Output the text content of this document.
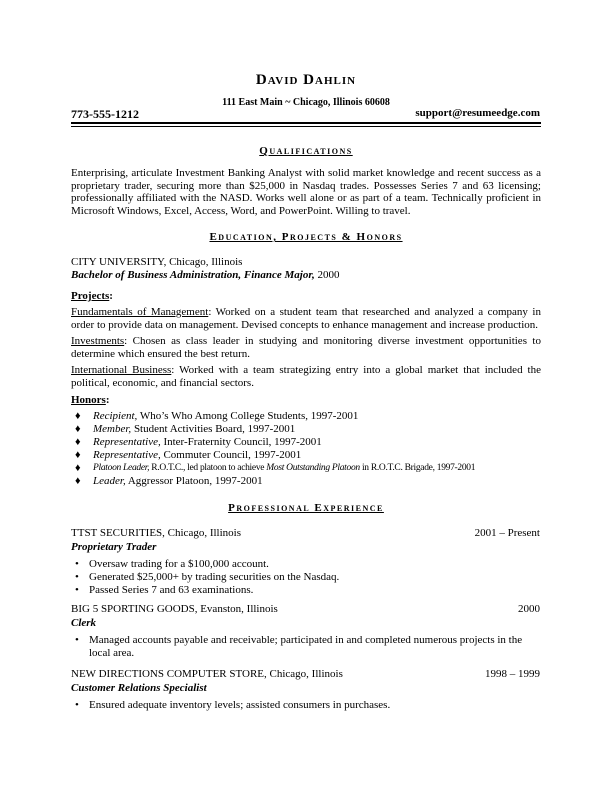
David Dahlin
111 East Main ~ Chicago, Illinois 60608
773-555-1212	support@resumeedge.com
Qualifications
Enterprising, articulate Investment Banking Analyst with solid market knowledge and recent success as a proprietary trader, securing more than $25,000 in Nasdaq trades. Possesses Series 7 and 63 licensing; professionally affiliated with the NASD. Works well alone or as part of a team. Technically proficient in Microsoft Windows, Excel, Access, Word, and PowerPoint. Willing to travel.
Education, Projects & Honors
CITY UNIVERSITY, Chicago, Illinois
Bachelor of Business Administration, Finance Major, 2000
Projects:
Fundamentals of Management: Worked on a student team that researched and analyzed a company in order to provide data on management. Devised concepts to enhance management and increase production.
Investments: Chosen as class leader in studying and monitoring diverse investment opportunities to determine which ensured the best return.
International Business: Worked with a team strategizing entry into a global market that included the political, economic, and financial sectors.
Honors:
♦ Recipient, Who’s Who Among College Students, 1997-2001
♦ Member, Student Activities Board, 1997-2001
♦ Representative, Inter-Fraternity Council, 1997-2001
♦ Representative, Commuter Council, 1997-2001
♦ Platoon Leader, R.O.T.C., led platoon to achieve Most Outstanding Platoon in R.O.T.C. Brigade, 1997-2001
♦ Leader, Aggressor Platoon, 1997-2001
Professional Experience
TTST SECURITIES, Chicago, Illinois	2001 – Present
Proprietary Trader
• Oversaw trading for a $100,000 account.
• Generated $25,000+ by trading securities on the Nasdaq.
• Passed Series 7 and 63 examinations.
BIG 5 SPORTING GOODS, Evanston, Illinois	2000
Clerk
• Managed accounts payable and receivable; participated in and completed numerous projects in the local area.
NEW DIRECTIONS COMPUTER STORE, Chicago, Illinois	1998 – 1999
Customer Relations Specialist
• Ensured adequate inventory levels; assisted consumers in purchases.
